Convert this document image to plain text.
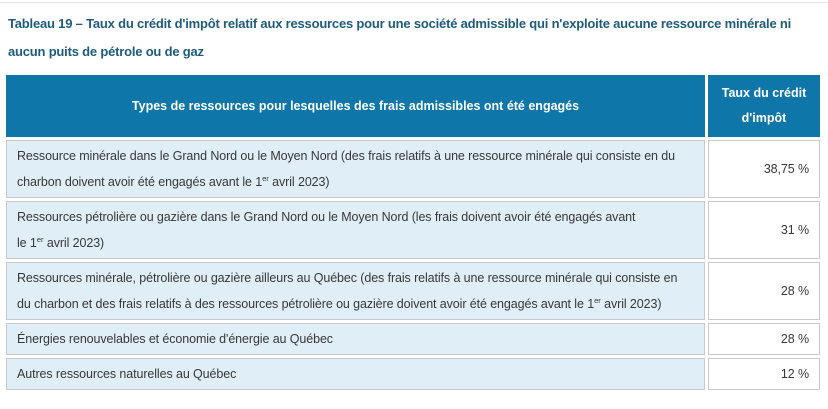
Tableau 19 – Taux du crédit d'impôt relatif aux ressources pour une société admissible qui n'exploite aucune ressource minérale ni aucun puits de pétrole ou de gaz
Types de ressources pour lesquelles des frais admissibles ont été engagés	Taux du crédit d'impôt
Ressource minérale dans le Grand Nord ou le Moyen Nord (des frais relatifs à une ressource minérale qui consiste en du charbon doivent avoir été engagés avant le 1er avril 2023)	38,75 %
Ressources pétrolière ou gazière dans le Grand Nord ou le Moyen Nord (les frais doivent avoir été engagés avant le 1er avril 2023)	31 %
Ressources minérale, pétrolière ou gazière ailleurs au Québec (des frais relatifs à une ressource minérale qui consiste en du charbon et des frais relatifs à des ressources pétrolière ou gazière doivent avoir été engagés avant le 1er avril 2023)	28 %
Énergies renouvelables et économie d'énergie au Québec	28 %
Autres ressources naturelles au Québec	12 %
